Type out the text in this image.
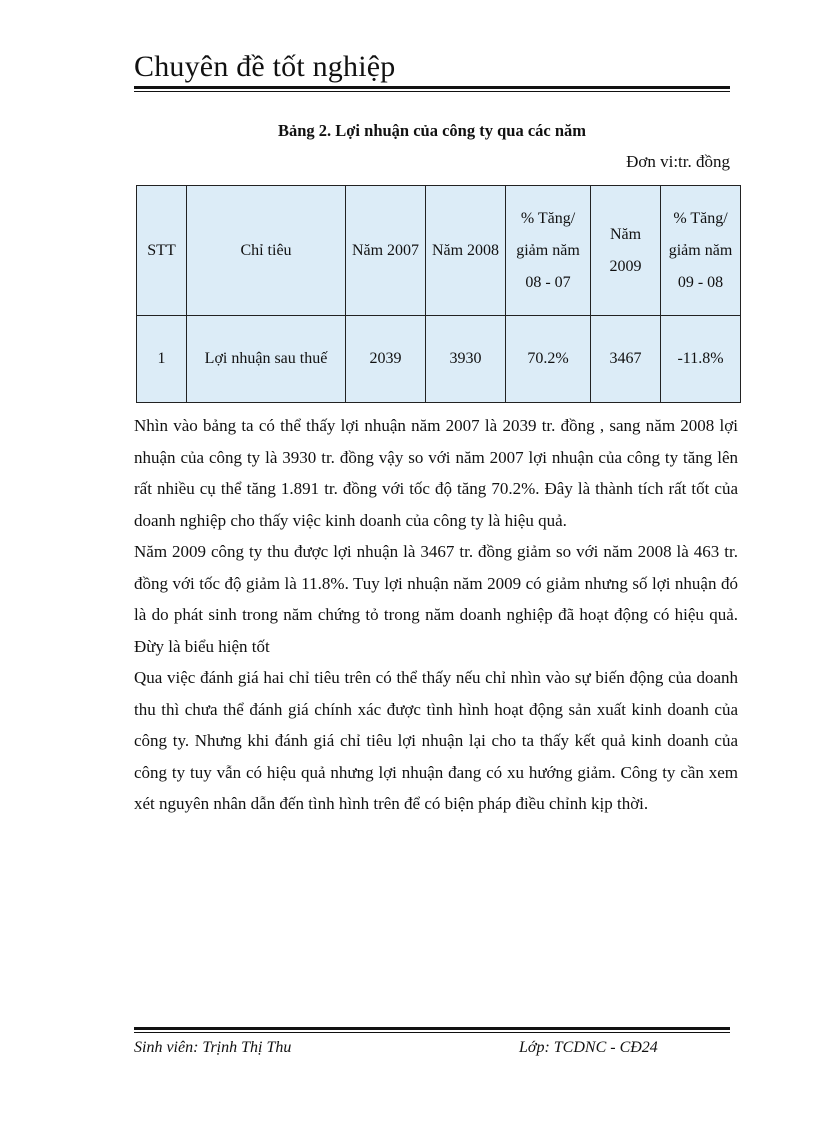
Chuyên đề tốt nghiệp
Bảng 2. Lợi nhuận của công ty qua các năm
Đơn vi:tr. đồng
STT	Chỉ tiêu	Năm 2007	Năm 2008	% Tăng/ giảm năm 08 - 07	Năm 2009	% Tăng/ giảm năm 09 - 08
1	Lợi nhuận sau thuế	2039	3930	70.2%	3467	-11.8%

Nhìn vào bảng ta có thể thấy lợi nhuận năm 2007 là 2039 tr. đồng , sang năm 2008 lợi nhuận của công ty là 3930 tr. đồng vậy so với năm 2007 lợi nhuận của công ty tăng lên rất nhiều cụ thể tăng 1.891 tr. đồng với tốc độ tăng 70.2%. Đây là thành tích rất tốt của doanh nghiệp cho thấy việc kinh doanh của công ty là hiệu quả.

Năm 2009 công ty thu được lợi nhuận là 3467 tr. đồng giảm so với năm 2008 là 463 tr. đồng với tốc độ giảm là 11.8%. Tuy lợi nhuận năm 2009 có giảm nhưng số lợi nhuận đó là do phát sinh trong năm chứng tỏ trong năm doanh nghiệp đã hoạt động có hiệu quả. Đừy là biểu hiện tốt

Qua việc đánh giá hai chỉ tiêu trên có thể thấy nếu chỉ nhìn vào sự biến động của doanh thu thì chưa thể đánh giá chính xác được tình hình hoạt động sản xuất kinh doanh của công ty. Nhưng khi đánh giá chỉ tiêu lợi nhuận lại cho ta thấy kết quả kinh doanh của công ty tuy vẫn có hiệu quả nhưng lợi nhuận đang có xu hướng giảm. Công ty cần xem xét nguyên nhân dẫn đến tình hình trên để có biện pháp điều chỉnh kịp thời.

Sinh viên: Trịnh Thị Thu	Lớp: TCDNC - CĐ24
